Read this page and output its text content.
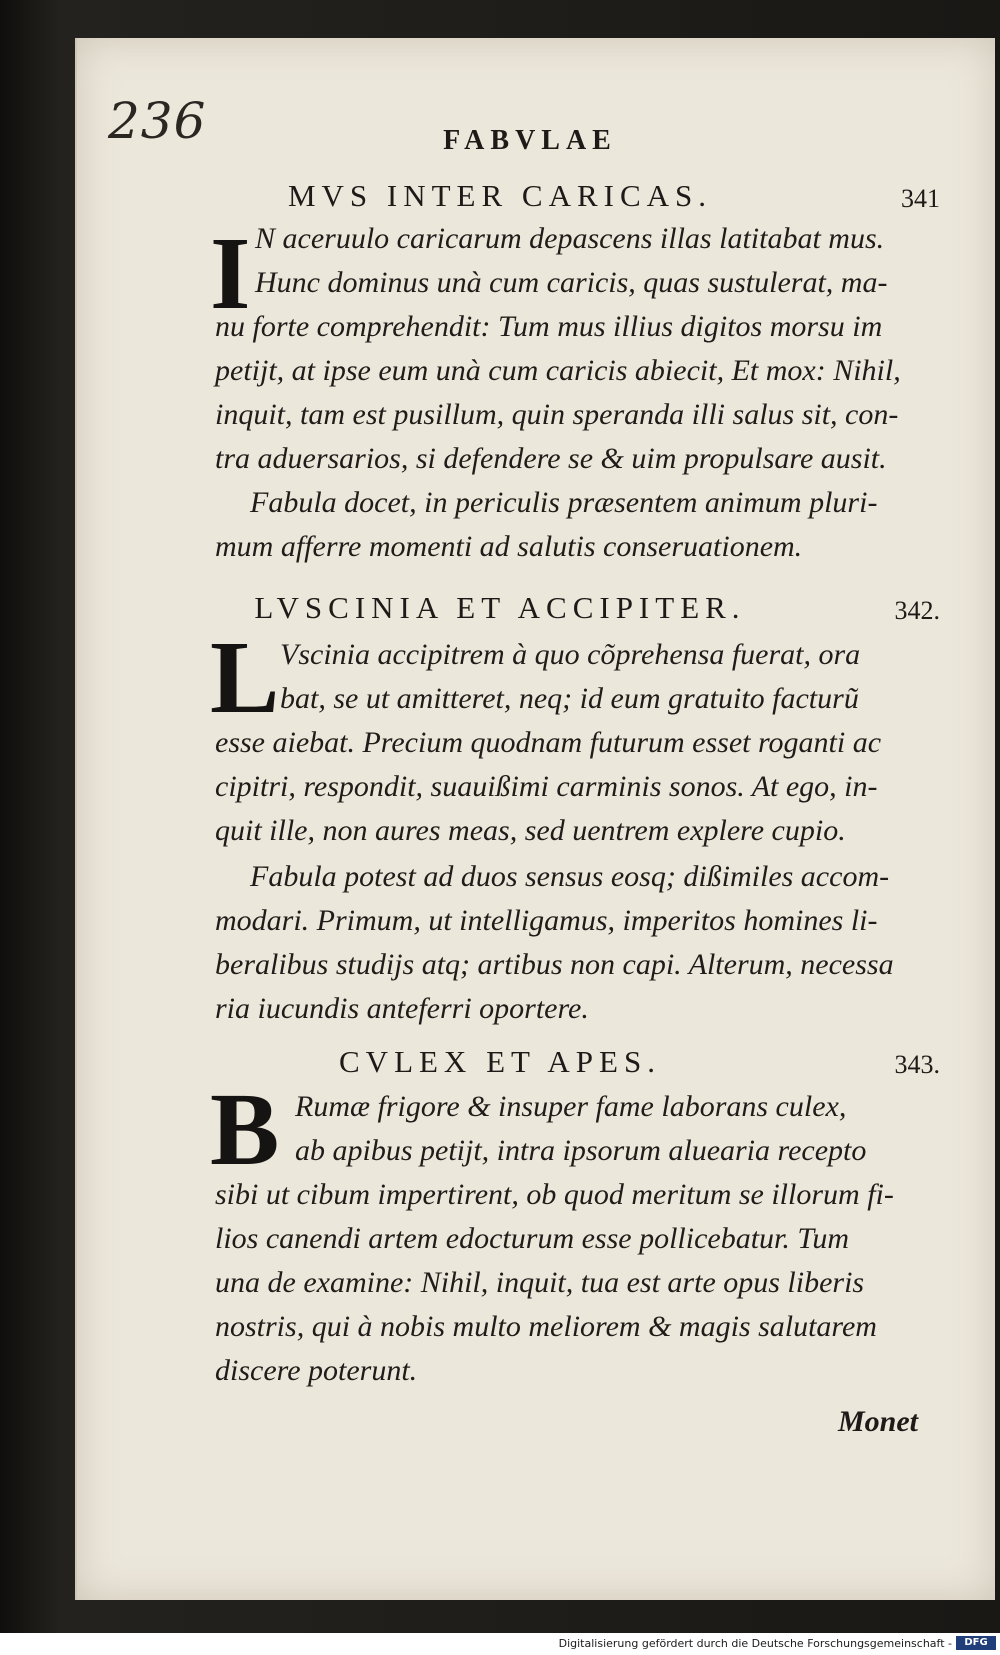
236	FABVLAE
MVS INTER CARICAS.	341
I N aceruulo caricarum depascens illas latitabat mus.
Hunc dominus unà cum caricis, quas sustulerat, ma-
nu forte comprehendit: Tum mus illius digitos morsu im
petijt, at ipse eum unà cum caricis abiecit, Et mox: Nihil,
inquit, tam est pusillum, quin speranda illi salus sit, con-
tra aduersarios, si defendere se & uim propulsare ausit.
Fabula docet, in periculis præsentem animum pluri-
mum afferre momenti ad salutis conseruationem.
LVSCINIA ET ACCIPITER.	342.
L Vscinia accipitrem à quo cõprehensa fuerat, ora
bat, se ut amitteret, neq; id eum gratuito facturũ
esse aiebat. Precium quodnam futurum esset roganti ac
cipitri, respondit, suauißimi carminis sonos. At ego, in-
quit ille, non aures meas, sed uentrem explere cupio.
Fabula potest ad duos sensus eosq; dißimiles accom-
modari. Primum, ut intelligamus, imperitos homines li-
beralibus studijs atq; artibus non capi. Alterum, necessa
ria iucundis anteferri oportere.
CVLEX ET APES.	343.
B Rumæ frigore & insuper fame laborans culex,
ab apibus petijt, intra ipsorum aluearia recepto
sibi ut cibum impertirent, ob quod meritum se illorum fi-
lios canendi artem edocturum esse pollicebatur. Tum
una de examine: Nihil, inquit, tua est arte opus liberis
nostris, qui à nobis multo meliorem & magis salutarem
discere poterunt.
Monet
Digitalisierung gefördert durch die Deutsche Forschungsgemeinschaft -	DFG
